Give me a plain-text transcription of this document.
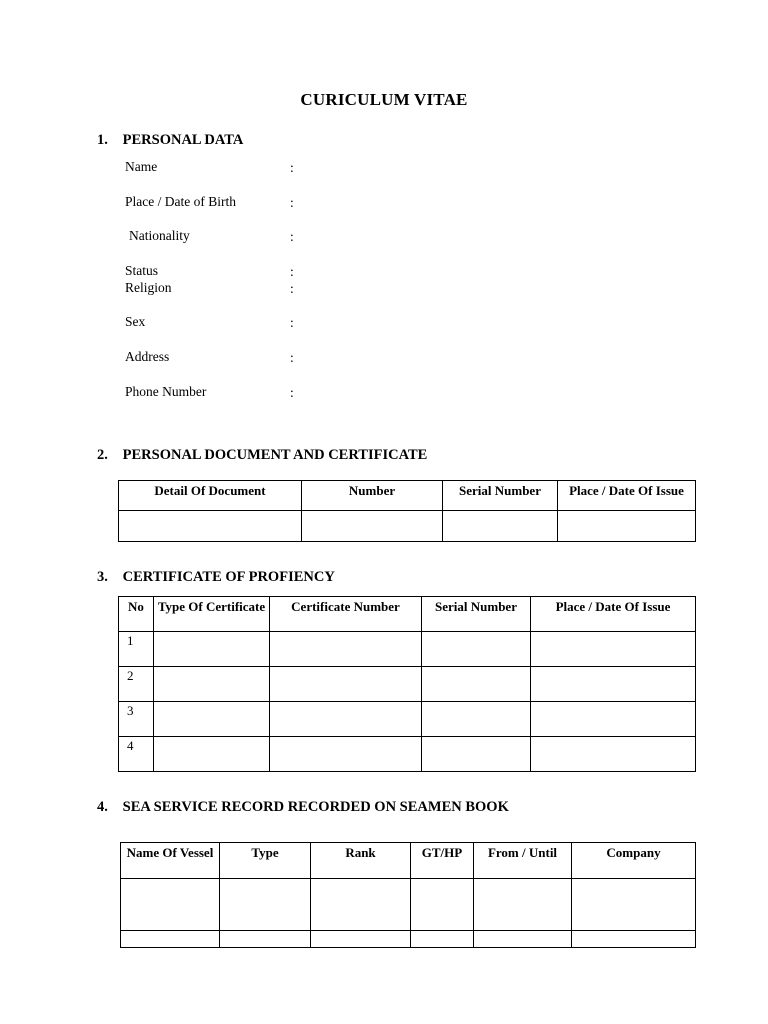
CURICULUM VITAE
1. PERSONAL DATA
Name	:
Place / Date of Birth	:
Nationality	:
Status	:
Religion	:
Sex	:
Address	:
Phone Number	:
2. PERSONAL DOCUMENT AND CERTIFICATE
Detail Of Document	Number	Serial Number	Place / Date Of Issue

3. CERTIFICATE OF PROFIENCY
No	Type Of Certificate	Certificate Number	Serial Number	Place / Date Of Issue
1				
2				
3				
4				
4. SEA SERVICE RECORD RECORDED ON SEAMEN BOOK
Name Of Vessel	Type	Rank	GT/HP	From / Until	Company
